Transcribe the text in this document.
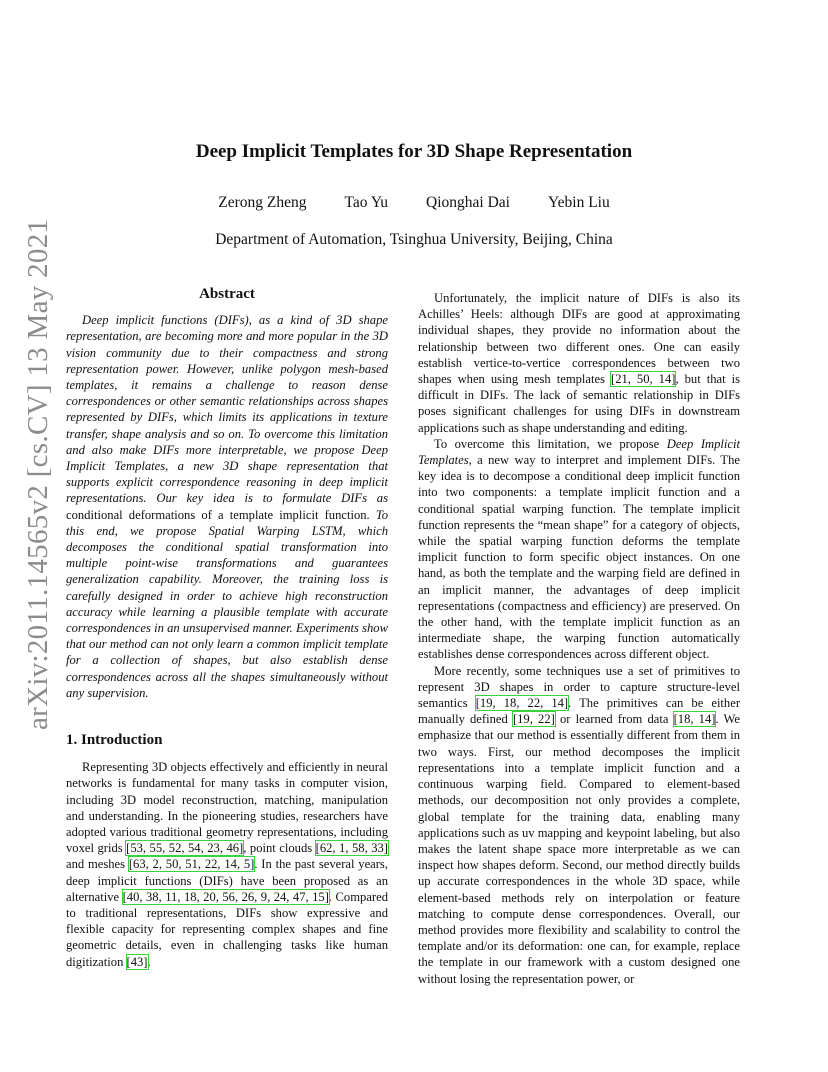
arXiv:2011.14565v2 [cs.CV] 13 May 2021
Deep Implicit Templates for 3D Shape Representation
Zerong Zheng Tao Yu Qionghai Dai Yebin Liu
Department of Automation, Tsinghua University, Beijing, China
Abstract

Deep implicit functions (DIFs), as a kind of 3D shape representation, are becoming more and more popular in the 3D vision community due to their compactness and strong representation power. However, unlike polygon mesh-based templates, it remains a challenge to reason dense correspondences or other semantic relationships across shapes represented by DIFs, which limits its applications in texture transfer, shape analysis and so on. To overcome this limitation and also make DIFs more interpretable, we propose Deep Implicit Templates, a new 3D shape representation that supports explicit correspondence reasoning in deep implicit representations. Our key idea is to formulate DIFs as conditional deformations of a template implicit function. To this end, we propose Spatial Warping LSTM, which decomposes the conditional spatial transformation into multiple point-wise transformations and guarantees generalization capability. Moreover, the training loss is carefully designed in order to achieve high reconstruction accuracy while learning a plausible template with accurate correspondences in an unsupervised manner. Experiments show that our method can not only learn a common implicit template for a collection of shapes, but also establish dense correspondences across all the shapes simultaneously without any supervision.

1. Introduction

Representing 3D objects effectively and efficiently in neural networks is fundamental for many tasks in computer vision, including 3D model reconstruction, matching, manipulation and understanding. In the pioneering studies, researchers have adopted various traditional geometry representations, including voxel grids [53, 55, 52, 54, 23, 46], point clouds [62, 1, 58, 33] and meshes [63, 2, 50, 51, 22, 14, 5]. In the past several years, deep implicit functions (DIFs) have been proposed as an alternative [40, 38, 11, 18, 20, 56, 26, 9, 24, 47, 15]. Compared to traditional representations, DIFs show expressive and flexible capacity for representing complex shapes and fine geometric details, even in challenging tasks like human digitization [43].

Unfortunately, the implicit nature of DIFs is also its Achilles’ Heels: although DIFs are good at approximating individual shapes, they provide no information about the relationship between two different ones. One can easily establish vertice-to-vertice correspondences between two shapes when using mesh templates [21, 50, 14], but that is difficult in DIFs. The lack of semantic relationship in DIFs poses significant challenges for using DIFs in downstream applications such as shape understanding and editing.

To overcome this limitation, we propose Deep Implicit Templates, a new way to interpret and implement DIFs. The key idea is to decompose a conditional deep implicit function into two components: a template implicit function and a conditional spatial warping function. The template implicit function represents the “mean shape” for a category of objects, while the spatial warping function deforms the template implicit function to form specific object instances. On one hand, as both the template and the warping field are defined in an implicit manner, the advantages of deep implicit representations (compactness and efficiency) are preserved. On the other hand, with the template implicit function as an intermediate shape, the warping function automatically establishes dense correspondences across different object.

More recently, some techniques use a set of primitives to represent 3D shapes in order to capture structure-level semantics [19, 18, 22, 14]. The primitives can be either manually defined [19, 22] or learned from data [18, 14]. We emphasize that our method is essentially different from them in two ways. First, our method decomposes the implicit representations into a template implicit function and a continuous warping field. Compared to element-based methods, our decomposition not only provides a complete, global template for the training data, enabling many applications such as uv mapping and keypoint labeling, but also makes the latent shape space more interpretable as we can inspect how shapes deform. Second, our method directly builds up accurate correspondences in the whole 3D space, while element-based methods rely on interpolation or feature matching to compute dense correspondences. Overall, our method provides more flexibility and scalability to control the template and/or its deformation: one can, for example, replace the template in our framework with a custom designed one without losing the representation power, or
